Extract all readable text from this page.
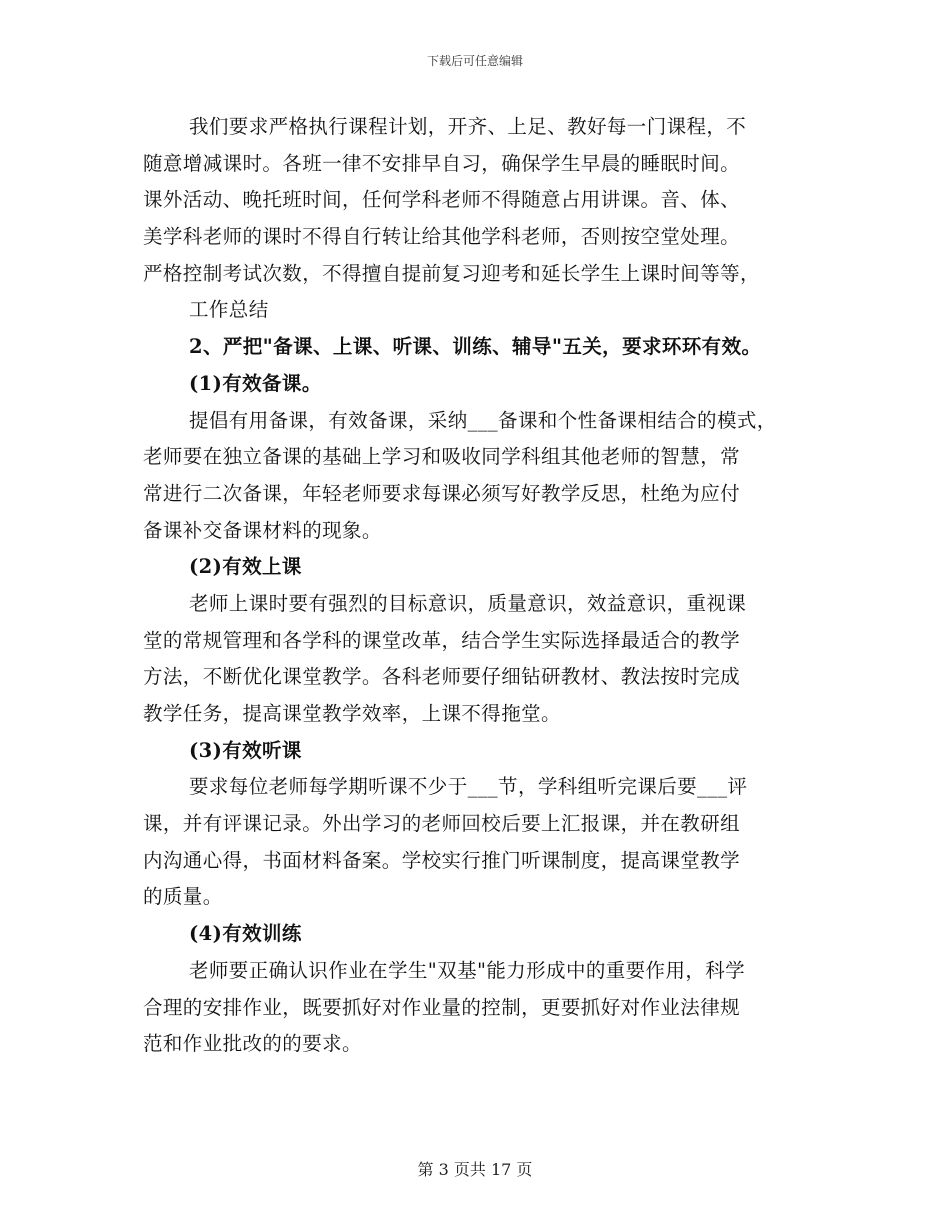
下载后可任意编辑
我们要求严格执行课程计划，开齐、上足、教好每一门课程，不
随意增减课时。各班一律不安排早自习，确保学生早晨的睡眠时间。
课外活动、晚托班时间，任何学科老师不得随意占用讲课。音、体、
美学科老师的课时不得自行转让给其他学科老师，否则按空堂处理。
严格控制考试次数，不得擅自提前复习迎考和延长学生上课时间等等，
工作总结
2、严把"备课、上课、听课、训练、辅导"五关，要求环环有效。
(1)有效备课。
提倡有用备课，有效备课，采纳___备课和个性备课相结合的模式，
老师要在独立备课的基础上学习和吸收同学科组其他老师的智慧，常
常进行二次备课，年轻老师要求每课必须写好教学反思，杜绝为应付
备课补交备课材料的现象。
(2)有效上课
老师上课时要有强烈的目标意识，质量意识，效益意识，重视课
堂的常规管理和各学科的课堂改革，结合学生实际选择最适合的教学
方法，不断优化课堂教学。各科老师要仔细钻研教材、教法按时完成
教学任务，提高课堂教学效率，上课不得拖堂。
(3)有效听课
要求每位老师每学期听课不少于___节，学科组听完课后要___评
课，并有评课记录。外出学习的老师回校后要上汇报课，并在教研组
内沟通心得，书面材料备案。学校实行推门听课制度，提高课堂教学
的质量。
(4)有效训练
老师要正确认识作业在学生"双基"能力形成中的重要作用，科学
合理的安排作业，既要抓好对作业量的控制，更要抓好对作业法律规
范和作业批改的的要求。
第 3 页共 17 页
